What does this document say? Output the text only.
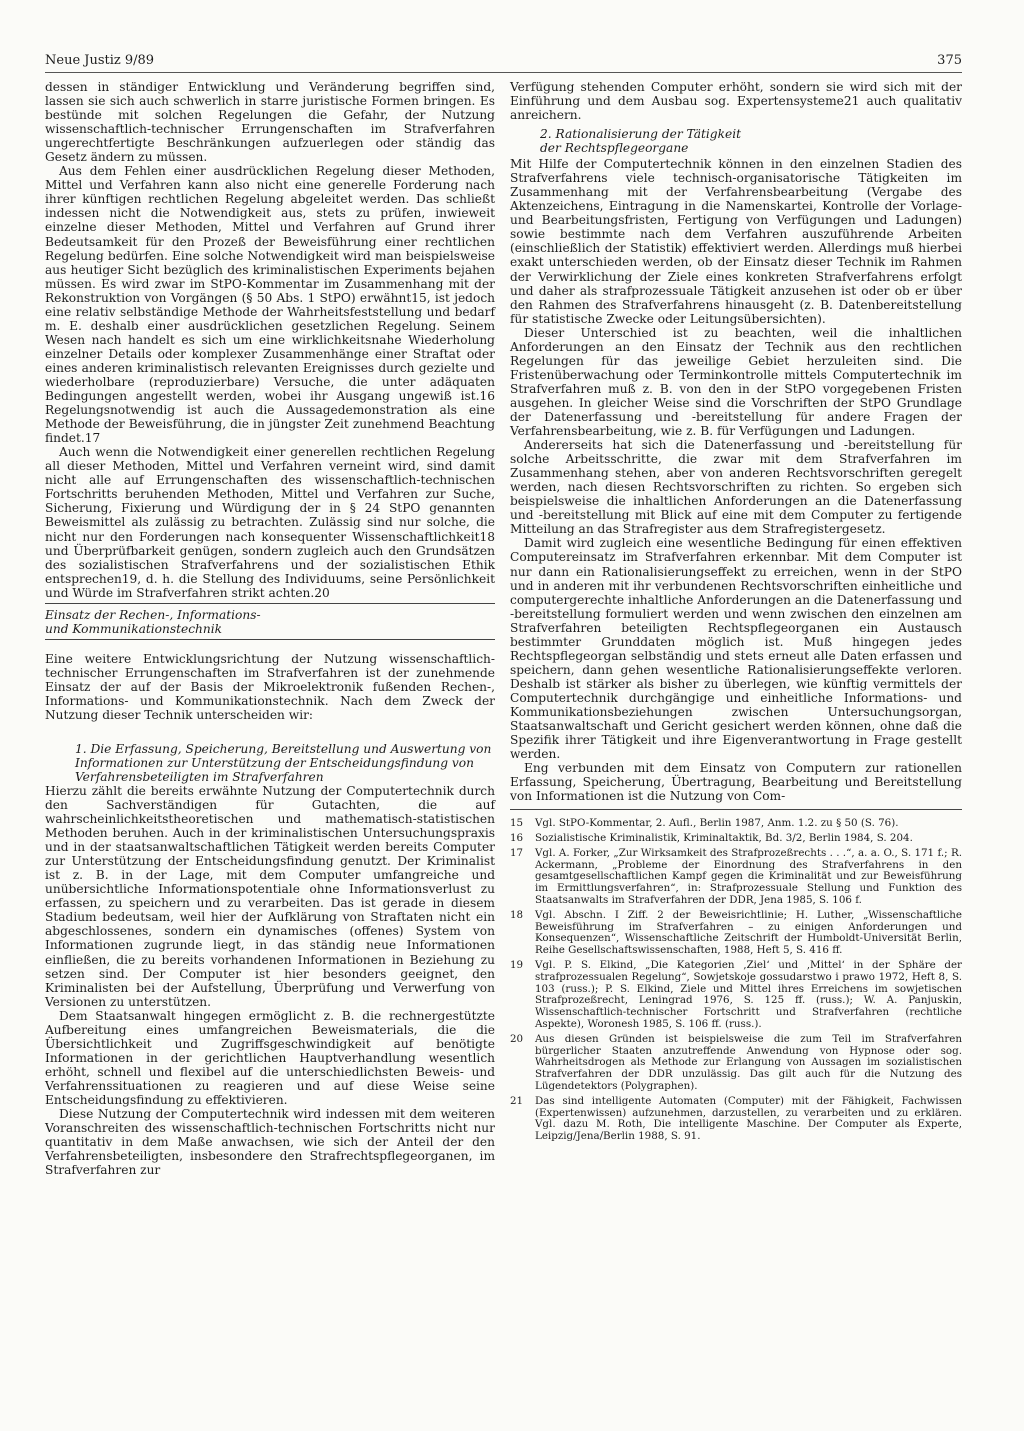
Neue Justiz 9/89	375

dessen in ständiger Entwicklung und Veränderung begriffen sind, lassen sie sich auch schwerlich in starre juristische Formen bringen. Es bestünde mit solchen Regelungen die Gefahr, der Nutzung wissenschaftlich-technischer Errungenschaften im Strafverfahren ungerechtfertigte Beschränkungen aufzuerlegen oder ständig das Gesetz ändern zu müssen.

Aus dem Fehlen einer ausdrücklichen Regelung dieser Methoden, Mittel und Verfahren kann also nicht eine generelle Forderung nach ihrer künftigen rechtlichen Regelung abgeleitet werden. Das schließt indessen nicht die Notwendigkeit aus, stets zu prüfen, inwieweit einzelne dieser Methoden, Mittel und Verfahren auf Grund ihrer Bedeutsamkeit für den Prozeß der Beweisführung einer rechtlichen Regelung bedürfen. Eine solche Notwendigkeit wird man beispielsweise aus heutiger Sicht bezüglich des kriminalistischen Experiments bejahen müssen. Es wird zwar im StPO-Kommentar im Zusammenhang mit der Rekonstruktion von Vorgängen (§ 50 Abs. 1 StPO) erwähnt15, ist jedoch eine relativ selbständige Methode der Wahrheitsfeststellung und bedarf m. E. deshalb einer ausdrücklichen gesetzlichen Regelung. Seinem Wesen nach handelt es sich um eine wirklichkeitsnahe Wiederholung einzelner Details oder komplexer Zusammenhänge einer Straftat oder eines anderen kriminalistisch relevanten Ereignisses durch gezielte und wiederholbare (reproduzierbare) Versuche, die unter adäquaten Bedingungen angestellt werden, wobei ihr Ausgang ungewiß ist.16 Regelungsnotwendig ist auch die Aussagedemonstration als eine Methode der Beweisführung, die in jüngster Zeit zunehmend Beachtung findet.17

Auch wenn die Notwendigkeit einer generellen rechtlichen Regelung all dieser Methoden, Mittel und Verfahren verneint wird, sind damit nicht alle auf Errungenschaften des wissenschaftlich-technischen Fortschritts beruhenden Methoden, Mittel und Verfahren zur Suche, Sicherung, Fixierung und Würdigung der in § 24 StPO genannten Beweismittel als zulässig zu betrachten. Zulässig sind nur solche, die nicht nur den Forderungen nach konsequenter Wissenschaftlichkeit18 und Überprüfbarkeit genügen, sondern zugleich auch den Grundsätzen des sozialistischen Strafverfahrens und der sozialistischen Ethik entsprechen19, d. h. die Stellung des Individuums, seine Persönlichkeit und Würde im Strafverfahren strikt achten.20

Einsatz der Rechen-, Informations-
und Kommunikationstechnik

Eine weitere Entwicklungsrichtung der Nutzung wissenschaftlich-technischer Errungenschaften im Strafverfahren ist der zunehmende Einsatz der auf der Basis der Mikroelektronik fußenden Rechen-, Informations- und Kommunikationstechnik. Nach dem Zweck der Nutzung dieser Technik unterscheiden wir:

1. Die Erfassung, Speicherung, Bereitstellung und Auswertung von Informationen zur Unterstützung der Entscheidungsfindung von Verfahrensbeteiligten im Strafverfahren

Hierzu zählt die bereits erwähnte Nutzung der Computertechnik durch den Sachverständigen für Gutachten, die auf wahrscheinlichkeitstheoretischen und mathematisch-statistischen Methoden beruhen. Auch in der kriminalistischen Untersuchungspraxis und in der staatsanwaltschaftlichen Tätigkeit werden bereits Computer zur Unterstützung der Entscheidungsfindung genutzt. Der Kriminalist ist z. B. in der Lage, mit dem Computer umfangreiche und unübersichtliche Informationspotentiale ohne Informationsverlust zu erfassen, zu speichern und zu verarbeiten. Das ist gerade in diesem Stadium bedeutsam, weil hier der Aufklärung von Straftaten nicht ein abgeschlossenes, sondern ein dynamisches (offenes) System von Informationen zugrunde liegt, in das ständig neue Informationen einfließen, die zu bereits vorhandenen Informationen in Beziehung zu setzen sind. Der Computer ist hier besonders geeignet, den Kriminalisten bei der Aufstellung, Überprüfung und Verwerfung von Versionen zu unterstützen.

Dem Staatsanwalt hingegen ermöglicht z. B. die rechnergestützte Aufbereitung eines umfangreichen Beweismaterials, die die Übersichtlichkeit und Zugriffsgeschwindigkeit auf benötigte Informationen in der gerichtlichen Hauptverhandlung wesentlich erhöht, schnell und flexibel auf die unterschiedlichsten Beweis- und Verfahrenssituationen zu reagieren und auf diese Weise seine Entscheidungsfindung zu effektivieren.

Diese Nutzung der Computertechnik wird indessen mit dem weiteren Voranschreiten des wissenschaftlich-technischen Fortschritts nicht nur quantitativ in dem Maße anwachsen, wie sich der Anteil der den Verfahrensbeteiligten, insbesondere den Strafrechtspflegeorganen, im Strafverfahren zur

Verfügung stehenden Computer erhöht, sondern sie wird sich mit der Einführung und dem Ausbau sog. Expertensysteme21 auch qualitativ anreichern.

2. Rationalisierung der Tätigkeit
der Rechtspflegeorgane

Mit Hilfe der Computertechnik können in den einzelnen Stadien des Strafverfahrens viele technisch-organisatorische Tätigkeiten im Zusammenhang mit der Verfahrensbearbeitung (Vergabe des Aktenzeichens, Eintragung in die Namenskartei, Kontrolle der Vorlage- und Bearbeitungsfristen, Fertigung von Verfügungen und Ladungen) sowie bestimmte nach dem Verfahren auszuführende Arbeiten (einschließlich der Statistik) effektiviert werden. Allerdings muß hierbei exakt unterschieden werden, ob der Einsatz dieser Technik im Rahmen der Verwirklichung der Ziele eines konkreten Strafverfahrens erfolgt und daher als strafprozessuale Tätigkeit anzusehen ist oder ob er über den Rahmen des Strafverfahrens hinausgeht (z. B. Datenbereitstellung für statistische Zwecke oder Leitungsübersichten).

Dieser Unterschied ist zu beachten, weil die inhaltlichen Anforderungen an den Einsatz der Technik aus den rechtlichen Regelungen für das jeweilige Gebiet herzuleiten sind. Die Fristenüberwachung oder Terminkontrolle mittels Computertechnik im Strafverfahren muß z. B. von den in der StPO vorgegebenen Fristen ausgehen. In gleicher Weise sind die Vorschriften der StPO Grundlage der Datenerfassung und -bereitstellung für andere Fragen der Verfahrensbearbeitung, wie z. B. für Verfügungen und Ladungen.

Andererseits hat sich die Datenerfassung und -bereitstellung für solche Arbeitsschritte, die zwar mit dem Strafverfahren im Zusammenhang stehen, aber von anderen Rechtsvorschriften geregelt werden, nach diesen Rechtsvorschriften zu richten. So ergeben sich beispielsweise die inhaltlichen Anforderungen an die Datenerfassung und -bereitstellung mit Blick auf eine mit dem Computer zu fertigende Mitteilung an das Strafregister aus dem Strafregistergesetz.

Damit wird zugleich eine wesentliche Bedingung für einen effektiven Computereinsatz im Strafverfahren erkennbar. Mit dem Computer ist nur dann ein Rationalisierungseffekt zu erreichen, wenn in der StPO und in anderen mit ihr verbundenen Rechtsvorschriften einheitliche und computergerechte inhaltliche Anforderungen an die Datenerfassung und -bereitstellung formuliert werden und wenn zwischen den einzelnen am Strafverfahren beteiligten Rechtspflegeorganen ein Austausch bestimmter Grunddaten möglich ist. Muß hingegen jedes Rechtspflegeorgan selbständig und stets erneut alle Daten erfassen und speichern, dann gehen wesentliche Rationalisierungseffekte verloren. Deshalb ist stärker als bisher zu überlegen, wie künftig vermittels der Computertechnik durchgängige und einheitliche Informations- und Kommunikationsbeziehungen zwischen Untersuchungsorgan, Staatsanwaltschaft und Gericht gesichert werden können, ohne daß die Spezifik ihrer Tätigkeit und ihre Eigenverantwortung in Frage gestellt werden.

Eng verbunden mit dem Einsatz von Computern zur rationellen Erfassung, Speicherung, Übertragung, Bearbeitung und Bereitstellung von Informationen ist die Nutzung von Com-

15	Vgl. StPO-Kommentar, 2. Aufl., Berlin 1987, Anm. 1.2. zu § 50 (S. 76).
16	Sozialistische Kriminalistik, Kriminaltaktik, Bd. 3/2, Berlin 1984, S. 204.
17	Vgl. A. Forker, „Zur Wirksamkeit des Strafprozeßrechts . . .“, a. a. O., S. 171 f.; R. Ackermann, „Probleme der Einordnung des Strafverfahrens in den gesamtgesellschaftlichen Kampf gegen die Kriminalität und zur Beweisführung im Ermittlungsverfahren“, in: Strafprozessuale Stellung und Funktion des Staatsanwalts im Strafverfahren der DDR, Jena 1985, S. 106 f.
18	Vgl. Abschn. I Ziff. 2 der Beweisrichtlinie; H. Luther, „Wissenschaftliche Beweisführung im Strafverfahren – zu einigen Anforderungen und Konsequenzen“, Wissenschaftliche Zeitschrift der Humboldt-Universität Berlin, Reihe Gesellschaftswissenschaften, 1988, Heft 5, S. 416 ff.
19	Vgl. P. S. Elkind, „Die Kategorien ‚Ziel‘ und ‚Mittel‘ in der Sphäre der strafprozessualen Regelung“, Sowjetskoje gossudarstwo i prawo 1972, Heft 8, S. 103 (russ.); P. S. Elkind, Ziele und Mittel ihres Erreichens im sowjetischen Strafprozeßrecht, Leningrad 1976, S. 125 ff. (russ.); W. A. Panjuskin, Wissenschaftlich-technischer Fortschritt und Strafverfahren (rechtliche Aspekte), Woronesh 1985, S. 106 ff. (russ.).
20	Aus diesen Gründen ist beispielsweise die zum Teil im Strafverfahren bürgerlicher Staaten anzutreffende Anwendung von Hypnose oder sog. Wahrheitsdrogen als Methode zur Erlangung von Aussagen im sozialistischen Strafverfahren der DDR unzulässig. Das gilt auch für die Nutzung des Lügendetektors (Polygraphen).
21	Das sind intelligente Automaten (Computer) mit der Fähigkeit, Fachwissen (Expertenwissen) aufzunehmen, darzustellen, zu verarbeiten und zu erklären. Vgl. dazu M. Roth, Die intelligente Maschine. Der Computer als Experte, Leipzig/Jena/Berlin 1988, S. 91.
